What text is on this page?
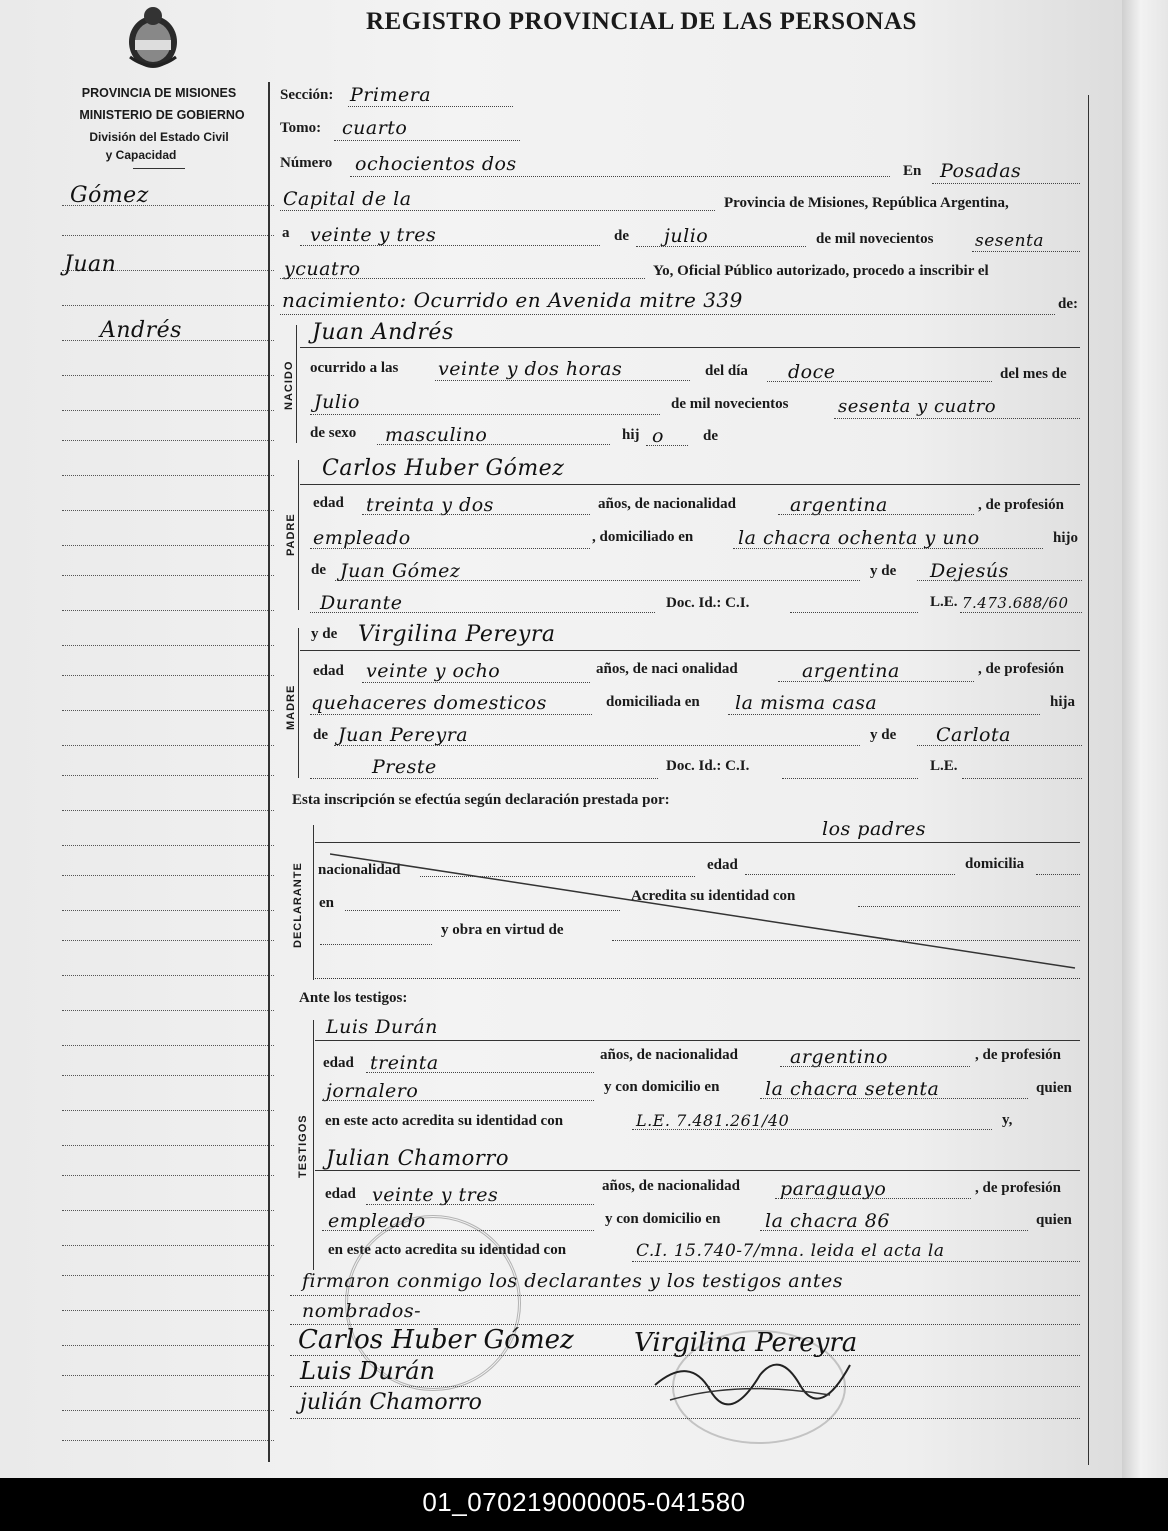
REGISTRO PROVINCIAL DE LAS PERSONAS
PROVINCIA DE MISIONES
MINISTERIO DE GOBIERNO
División del Estado Civil
y Capacidad
Gómez
Juan
Andrés
Sección: Primera
Tomo: cuarto
Número ochocientos dos	En Posadas
Capital de la	Provincia de Misiones, República Argentina,
a veinte y tres	de julio	de mil novecientos sesenta
ycuatro	Yo, Oficial Público autorizado, procedo a inscribir el
nacimiento: Ocurrido en Avenida mitre 339	de:
NACIDO
Juan Andrés
ocurrido a las veinte y dos horas	del día doce	del mes de
Julio	de mil novecientos	sesenta y cuatro
de sexo masculino	hij o	de
PADRE
Carlos Huber Gómez
edad treinta y dos	años, de nacionalidad	argentina	, de profesión
empleado	, domiciliado en la chacra ochenta y uno	hijo
de Juan Gómez	y de Dejesús
Durante	Doc. Id.: C.I.	L.E. 7.473.688/60
MADRE
y de Virgilina Pereyra
edad veinte y ocho	años, de naci onalidad	argentina	, de profesión
quehaceres domesticos	domiciliada en la misma casa	hija
de Juan Pereyra	y de Carlota
Preste	Doc. Id.: C.I.	L.E.
Esta inscripción se efectúa según declaración prestada por:
DECLARANTE
los padres
nacionalidad	edad	domicilia
en	Acredita su identidad con
y obra en virtud de
Ante los testigos:
TESTIGOS
Luis Durán
edad treinta	años, de nacionalidad	argentino	, de profesión
jornalero	y con domicilio en la chacra setenta	quien
en este acto acredita su identidad con	L.E. 7.481.261/40	y,
Julian Chamorro
edad veinte y tres	años, de nacionalidad paraguayo	, de profesión
empleado	y con domicilio en la chacra 86	quien
en este acto acredita su identidad con	C.I. 15.740-7/mna. leida el acta la
firmaron conmigo los declarantes y los testigos antes
nombrados-
Carlos Huber Gómez Virgilina Pereyra
Luis Durán
julián Chamorro
01_070219000005-041580
